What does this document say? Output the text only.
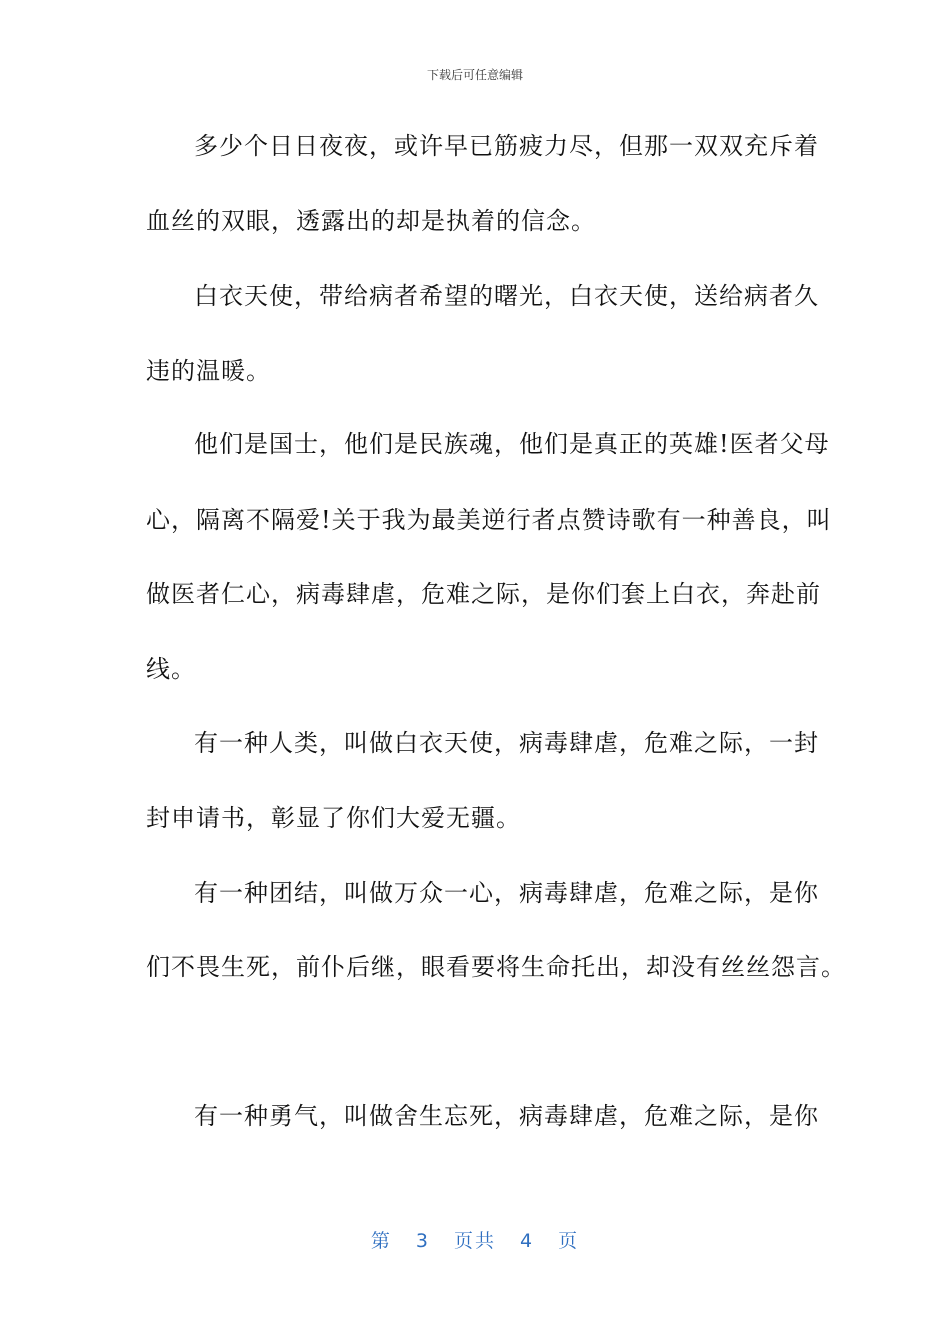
下载后可任意编辑
多少个日日夜夜，或许早已筋疲力尽，但那一双双充斥着
血丝的双眼，透露出的却是执着的信念。
白衣天使，带给病者希望的曙光，白衣天使，送给病者久
违的温暖。
他们是国士，他们是民族魂，他们是真正的英雄!医者父母
心，隔离不隔爱!关于我为最美逆行者点赞诗歌有一种善良，叫
做医者仁心，病毒肆虐，危难之际，是你们套上白衣，奔赴前
线。
有一种人类，叫做白衣天使，病毒肆虐，危难之际，一封
封申请书，彰显了你们大爱无疆。
有一种团结，叫做万众一心，病毒肆虐，危难之际，是你
们不畏生死，前仆后继，眼看要将生命托出，却没有丝丝怨言。
有一种勇气，叫做舍生忘死，病毒肆虐，危难之际，是你
第 3 页共 4 页
